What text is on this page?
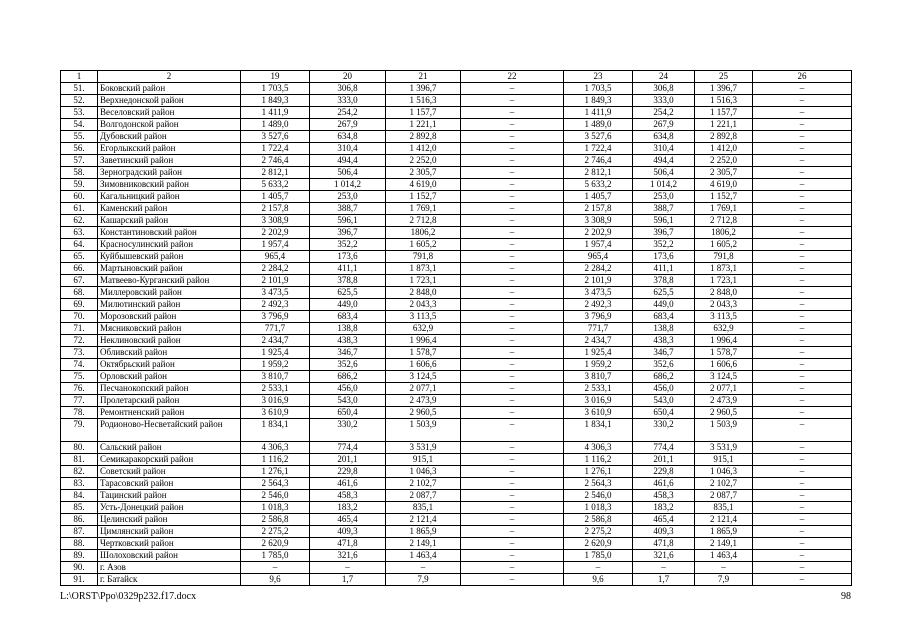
1	2	19	20	21	22	23	24	25	26
51.	Боковский район	1 703,5	306,8	1 396,7	–	1 703,5	306,8	1 396,7	–
52.	Верхнедонской район	1 849,3	333,0	1 516,3	–	1 849,3	333,0	1 516,3	–
53.	Веселовский район	1 411,9	254,2	1 157,7	–	1 411,9	254,2	1 157,7	–
54.	Волгодонской район	1 489,0	267,9	1 221,1	–	1 489,0	267,9	1 221,1	–
55.	Дубовский район	3 527,6	634,8	2 892,8	–	3 527,6	634,8	2 892,8	–
56.	Егорлыкский район	1 722,4	310,4	1 412,0	–	1 722,4	310,4	1 412,0	–
57.	Заветинский район	2 746,4	494,4	2 252,0	–	2 746,4	494,4	2 252,0	–
58.	Зерноградский район	2 812,1	506,4	2 305,7	–	2 812,1	506,4	2 305,7	–
59.	Зимовниковский район	5 633,2	1 014,2	4 619,0	–	5 633,2	1 014,2	4 619,0	–
60.	Кагальницкий район	1 405,7	253,0	1 152,7	–	1 405,7	253,0	1 152,7	–
61.	Каменский район	2 157,8	388,7	1 769,1	–	2 157,8	388,7	1 769,1	–
62.	Кашарский район	3 308,9	596,1	2 712,8	–	3 308,9	596,1	2 712,8	–
63.	Константиновский район	2 202,9	396,7	1806,2	–	2 202,9	396,7	1806,2	–
64.	Красносулинский район	1 957,4	352,2	1 605,2	–	1 957,4	352,2	1 605,2	–
65.	Куйбышевский район	965,4	173,6	791,8	–	965,4	173,6	791,8	–
66.	Мартыновский район	2 284,2	411,1	1 873,1	–	2 284,2	411,1	1 873,1	–
67.	Матвеево-Курганский район	2 101,9	378,8	1 723,1	–	2 101,9	378,8	1 723,1	–
68.	Миллеровский район	3 473,5	625,5	2 848,0	–	3 473,5	625,5	2 848,0	–
69.	Милютинский район	2 492,3	449,0	2 043,3	–	2 492,3	449,0	2 043,3	–
70.	Морозовский район	3 796,9	683,4	3 113,5	–	3 796,9	683,4	3 113,5	–
71.	Мясниковский район	771,7	138,8	632,9	–	771,7	138,8	632,9	–
72.	Неклиновский район	2 434,7	438,3	1 996,4	–	2 434,7	438,3	1 996,4	–
73.	Обливский район	1 925,4	346,7	1 578,7	–	1 925,4	346,7	1 578,7	–
74.	Октябрьский район	1 959,2	352,6	1 606,6	–	1 959,2	352,6	1 606,6	–
75.	Орловский район	3 810,7	686,2	3 124,5	–	3 810,7	686,2	3 124,5	–
76.	Песчанокопский район	2 533,1	456,0	2 077,1	–	2 533,1	456,0	2 077,1	–
77.	Пролетарский район	3 016,9	543,0	2 473,9	–	3 016,9	543,0	2 473,9	–
78.	Ремонтненский район	3 610,9	650,4	2 960,5	–	3 610,9	650,4	2 960,5	–
79.	Родионово-Несветайский район	1 834,1	330,2	1 503,9	–	1 834,1	330,2	1 503,9	–
80.	Сальский район	4 306,3	774,4	3 531,9	–	4 306,3	774,4	3 531,9	–
81.	Семикаракорский район	1 116,2	201,1	915,1	–	1 116,2	201,1	915,1	–
82.	Советский район	1 276,1	229,8	1 046,3	–	1 276,1	229,8	1 046,3	–
83.	Тарасовский район	2 564,3	461,6	2 102,7	–	2 564,3	461,6	2 102,7	–
84.	Тацинский район	2 546,0	458,3	2 087,7	–	2 546,0	458,3	2 087,7	–
85.	Усть-Донецкий район	1 018,3	183,2	835,1	–	1 018,3	183,2	835,1	–
86.	Целинский район	2 586,8	465,4	2 121,4	–	2 586,8	465,4	2 121,4	–
87.	Цимлянский район	2 275,2	409,3	1 865,9	–	2 275,2	409,3	1 865,9	–
88.	Чертковский район	2 620,9	471,8	2 149,1	–	2 620,9	471,8	2 149,1	–
89.	Шолоховский район	1 785,0	321,6	1 463,4	–	1 785,0	321,6	1 463,4	–
90.	г. Азов	–	–	–	–	–	–	–	–
91.	г. Батайск	9,6	1,7	7,9	–	9,6	1,7	7,9	–
L:\ORST\Ppo\0329p232.f17.docx	98
